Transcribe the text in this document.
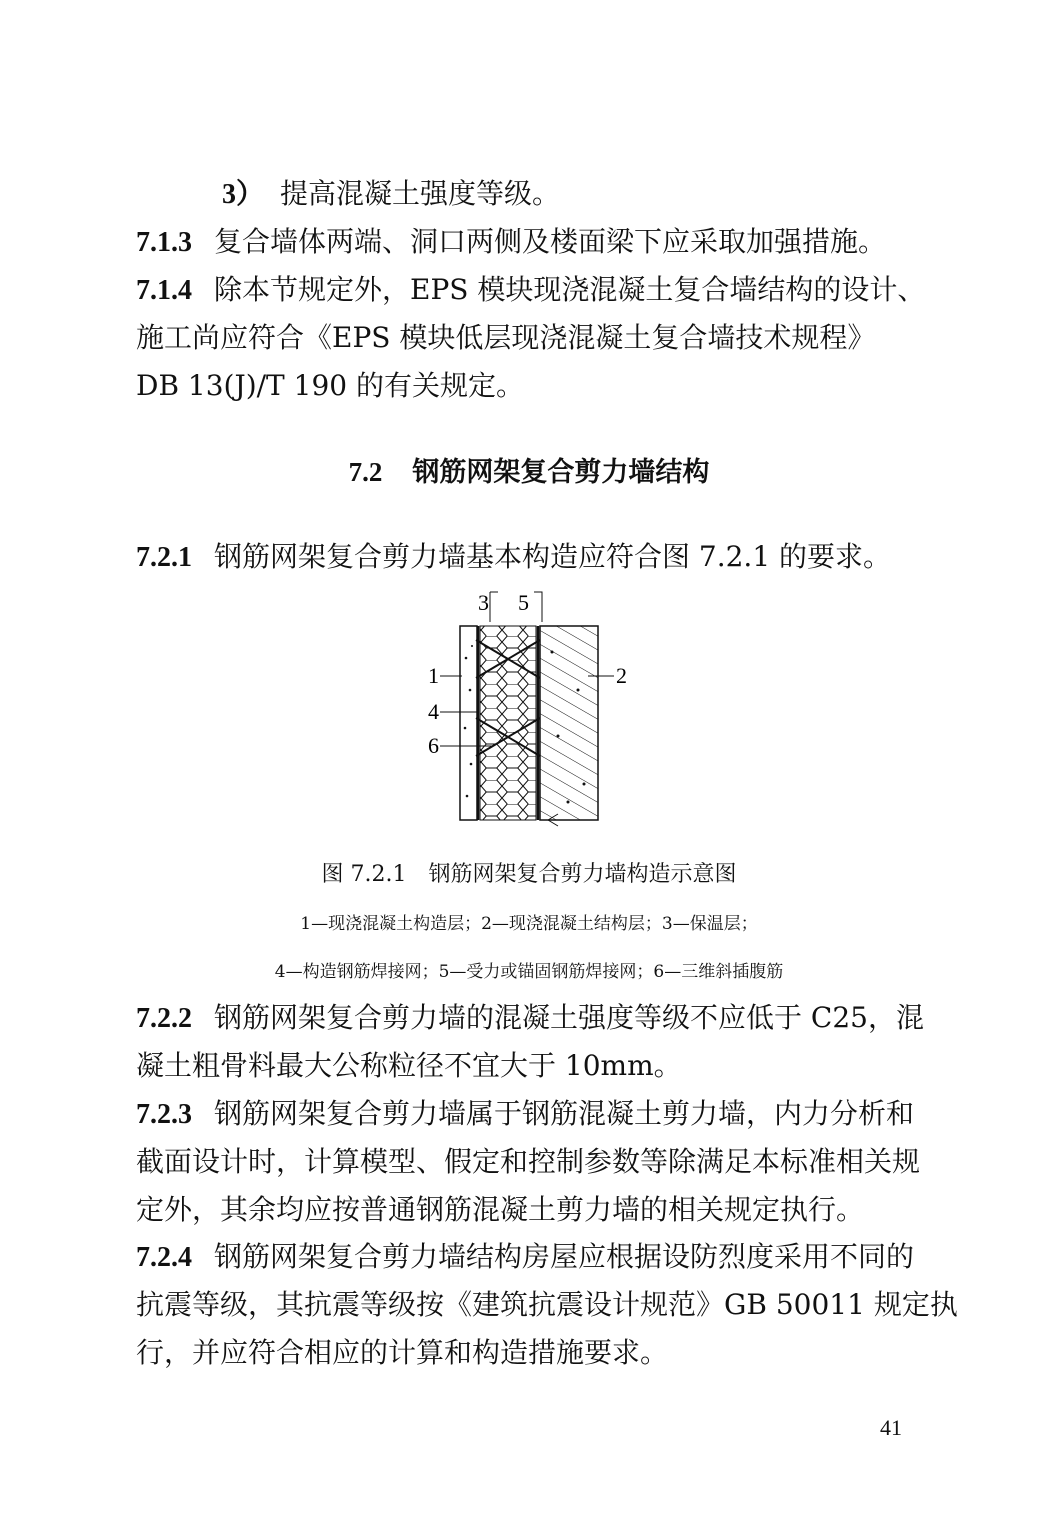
3） 提高混凝土强度等级。
7.1.3 复合墙体两端、洞口两侧及楼面梁下应采取加强措施。
7.1.4 除本节规定外，EPS 模块现浇混凝土复合墙结构的设计、
施工尚应符合《EPS 模块低层现浇混凝土复合墙技术规程》
DB 13(J)/T 190 的有关规定。
7.2 钢筋网架复合剪力墙结构
7.2.1 钢筋网架复合剪力墙基本构造应符合图 7.2.1 的要求。
3 5
1	2
4
6
图 7.2.1　钢筋网架复合剪力墙构造示意图
1—现浇混凝土构造层；2—现浇混凝土结构层；3—保温层；
4—构造钢筋焊接网；5—受力或锚固钢筋焊接网；6—三维斜插腹筋
7.2.2 钢筋网架复合剪力墙的混凝土强度等级不应低于 C25，混
凝土粗骨料最大公称粒径不宜大于 10mm。
7.2.3 钢筋网架复合剪力墙属于钢筋混凝土剪力墙，内力分析和
截面设计时，计算模型、假定和控制参数等除满足本标准相关规
定外，其余均应按普通钢筋混凝土剪力墙的相关规定执行。
7.2.4 钢筋网架复合剪力墙结构房屋应根据设防烈度采用不同的
抗震等级，其抗震等级按《建筑抗震设计规范》GB 50011 规定执
行，并应符合相应的计算和构造措施要求。
41
